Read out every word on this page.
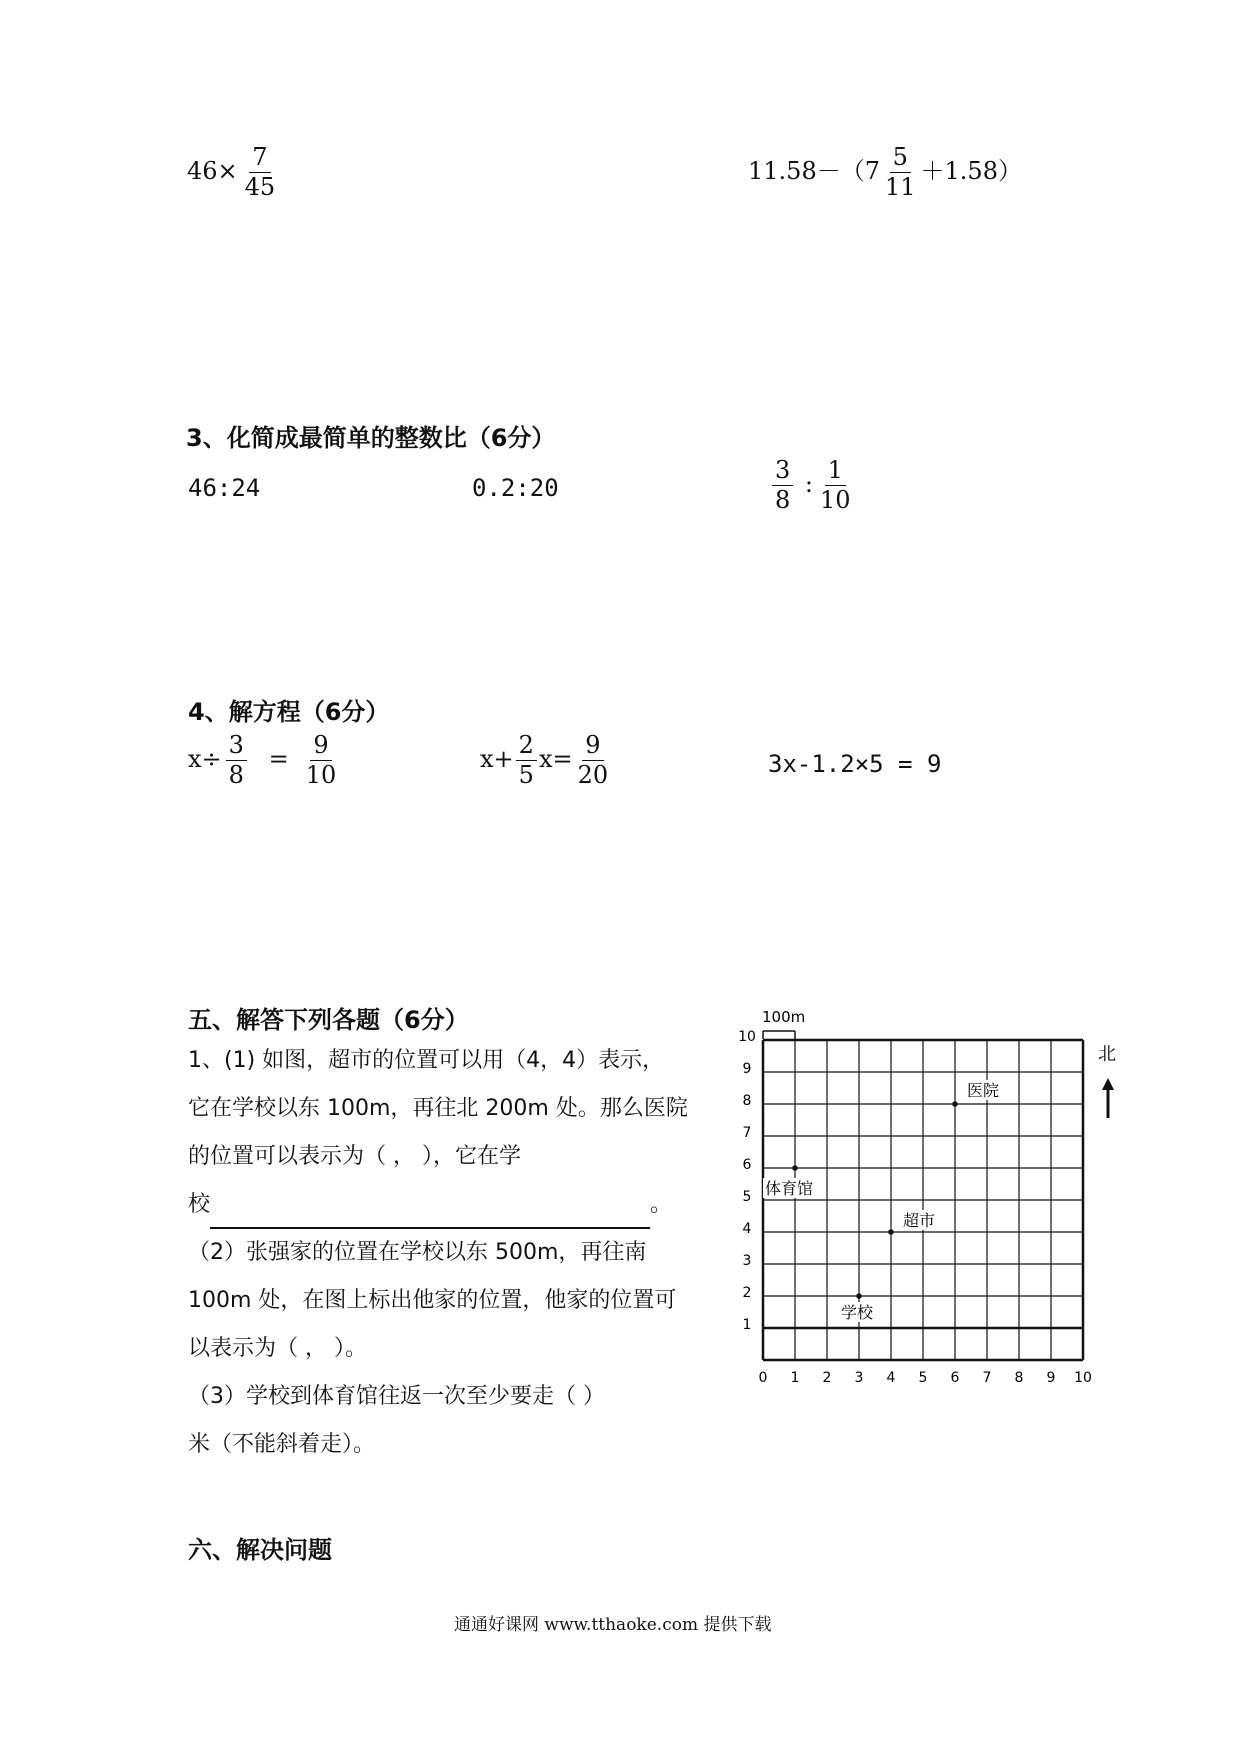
$46\times \frac{7}{45}$	$11.58-(7 \frac{5}{11} +1.58)$
3、化简成最简单的整数比（6分）
46:24	0.2:20	$\frac{3}{8}$ : $\frac{1}{10}$
4、解方程（6分）
$x\div \frac{3}{8} = \frac{9}{10}$	$x+ \frac{2}{5} x= \frac{9}{20}$	3x-1.2×5 = 9
五、解答下列各题（6分）
1、(1) 如图，超市的位置可以用（4，4）表示，
它在学校以东 100m，再往北 200m 处。那么医院
的位置可以表示为（ ， ），它在学
校	。
（2）张强家的位置在学校以东 500m，再往南
100m 处，在图上标出他家的位置，他家的位置可
以表示为（ ， ）。
（3）学校到体育馆往返一次至少要走（ ）
米（不能斜着走）。
0 1 2 3 4 5 6 7 8 9 10
1
2
3
4
5
6
7
8
9
10
学校
超市
体育馆
医院
100m
北
六、解决问题
通通好课网 www.tthaoke.com 提供下载
